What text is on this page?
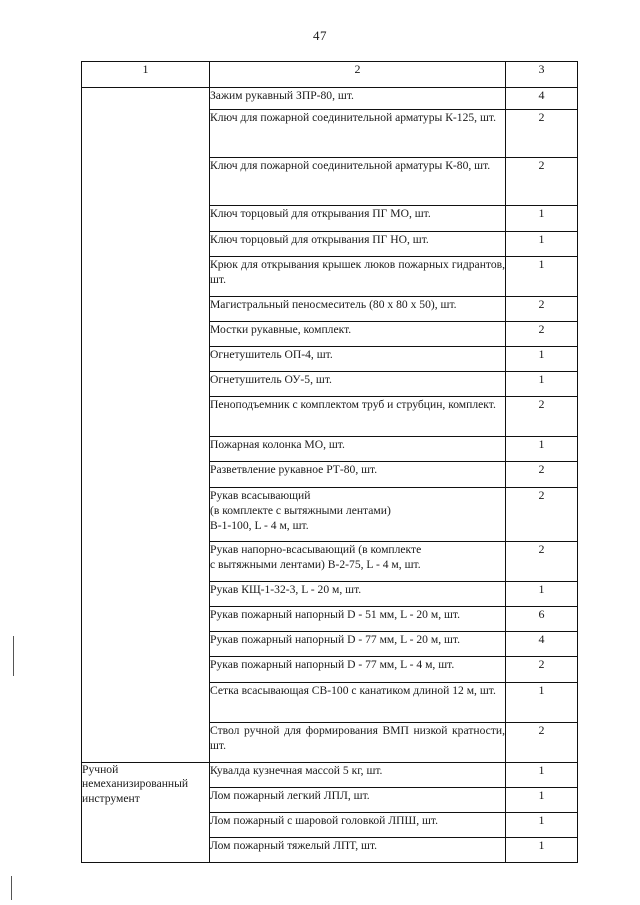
47
1	2	3
	Зажим рукавный ЗПР-80, шт.	4
	Ключ для пожарной соединительной арматуры К-125, шт.	2
	Ключ для пожарной соединительной арматуры К-80, шт.	2
	Ключ торцовый для открывания ПГ МО, шт.	1
	Ключ торцовый для открывания ПГ НО, шт.	1
	Крюк для открывания крышек люков пожарных гидрантов, шт.	1
	Магистральный пеносмеситель (80 х 80 х 50), шт.	2
	Мостки рукавные, комплект.	2
	Огнетушитель ОП-4, шт.	1
	Огнетушитель ОУ-5, шт.	1
	Пеноподъемник с комплектом труб и струбцин, комплект.	2
	Пожарная колонка МО, шт.	1
	Разветвление рукавное РТ-80, шт.	2
	Рукав всасывающий
(в комплекте с вытяжными лентами)
В-1-100, L - 4 м, шт.	2
	Рукав напорно-всасывающий (в комплекте
с вытяжными лентами) В-2-75, L - 4 м, шт.	2
	Рукав КЩ-1-32-3, L - 20 м, шт.	1
	Рукав пожарный напорный D - 51 мм, L - 20 м, шт.	6
	Рукав пожарный напорный D - 77 мм, L - 20 м, шт.	4
	Рукав пожарный напорный D - 77 мм, L - 4 м, шт.	2
	Сетка всасывающая СВ-100 с канатиком длиной 12 м, шт.	1
	Ствол ручной для формирования ВМП низкой кратности, шт.	2
Ручной немеханизированный инструмент	Кувалда кузнечная массой 5 кг, шт.	1
	Лом пожарный легкий ЛПЛ, шт.	1
	Лом пожарный с шаровой головкой ЛПШ, шт.	1
	Лом пожарный тяжелый ЛПТ, шт.	1
